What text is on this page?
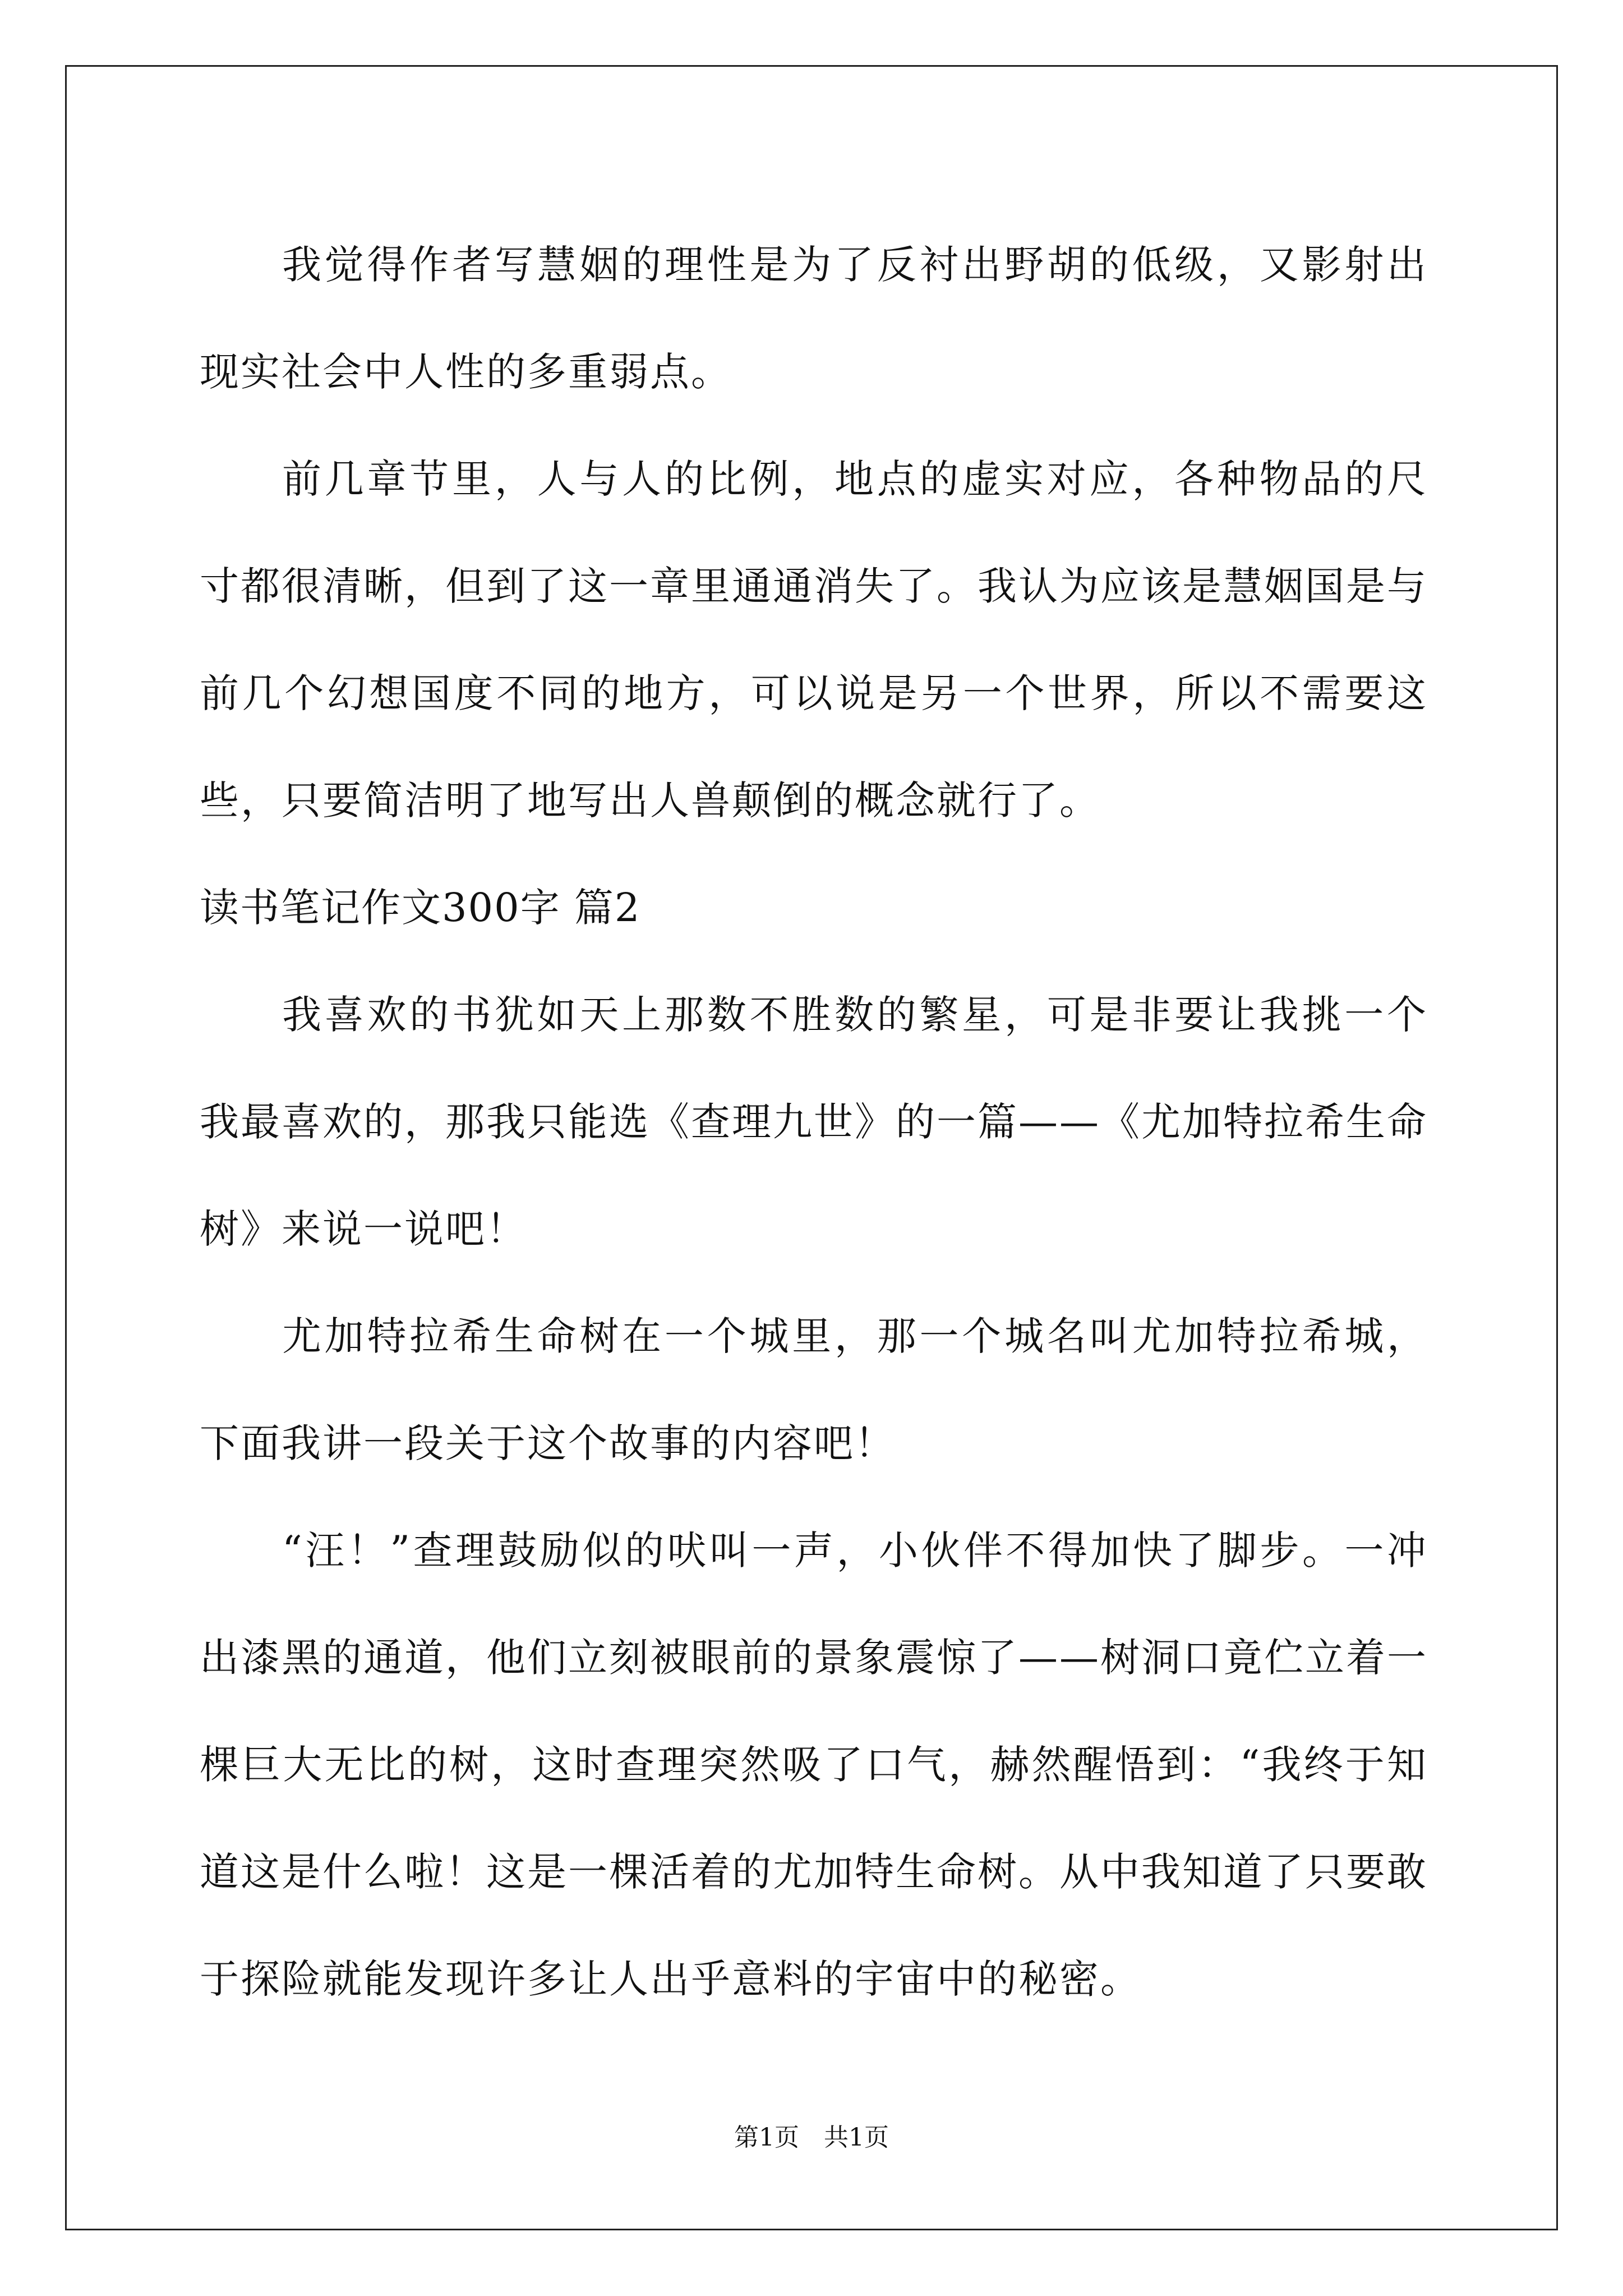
我觉得作者写慧姻的理性是为了反衬出野胡的低级，又影射出现实社会中人性的多重弱点。

前几章节里，人与人的比例，地点的虚实对应，各种物品的尺寸都很清晰，但到了这一章里通通消失了。我认为应该是慧姻国是与前几个幻想国度不同的地方，可以说是另一个世界，所以不需要这些，只要简洁明了地写出人兽颠倒的概念就行了。

读书笔记作文300字 篇2

我喜欢的书犹如天上那数不胜数的繁星，可是非要让我挑一个我最喜欢的，那我只能选《查理九世》的一篇——《尤加特拉希生命树》来说一说吧！

尤加特拉希生命树在一个城里，那一个城名叫尤加特拉希城，下面我讲一段关于这个故事的内容吧！

“汪！”查理鼓励似的吠叫一声，小伙伴不得加快了脚步。一冲出漆黑的通道，他们立刻被眼前的景象震惊了——树洞口竟伫立着一棵巨大无比的树，这时查理突然吸了口气，赫然醒悟到：“我终于知道这是什么啦！这是一棵活着的尤加特生命树。从中我知道了只要敢于探险就能发现许多让人出乎意料的宇宙中的秘密。

第1页　共1页
